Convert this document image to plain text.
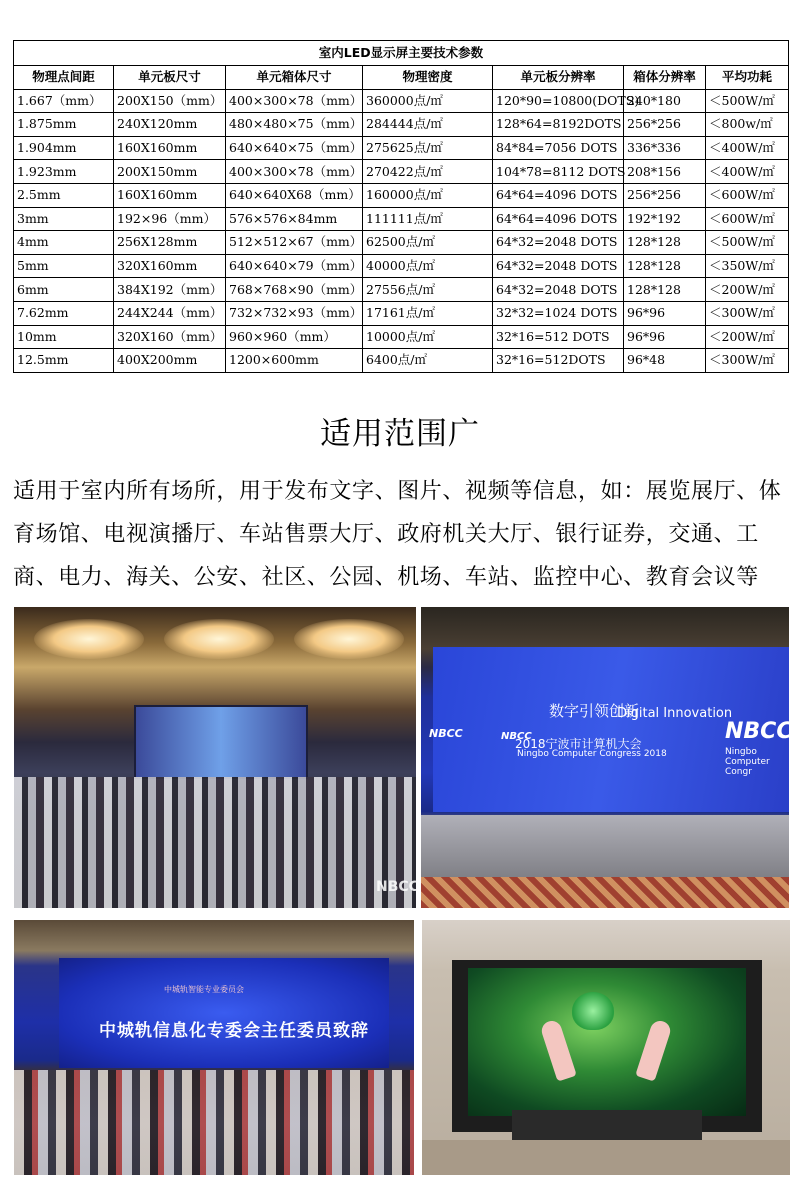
室内LED显示屏主要技术参数						
物理点间距	单元板尺寸	单元箱体尺寸	物理密度	单元板分辨率	箱体分辨率	平均功耗
1.667（mm）	200X150（mm）	400×300×78（mm）	360000点/㎡	120*90=10800(DOTS)	240*180	＜500W/㎡
1.875mm	240X120mm	480×480×75（mm）	284444点/㎡	128*64=8192DOTS	256*256	＜800w/㎡
1.904mm	160X160mm	640×640×75（mm）	275625点/㎡	84*84=7056 DOTS	336*336	＜400W/㎡
1.923mm	200X150mm	400×300×78（mm）	270422点/㎡	104*78=8112 DOTS	208*156	＜400W/㎡
2.5mm	160X160mm	640×640X68（mm）	160000点/㎡	64*64=4096 DOTS	256*256	＜600W/㎡
3mm	192×96（mm）	576×576×84mm	111111点/㎡	64*64=4096 DOTS	192*192	＜600W/㎡
4mm	256X128mm	512×512×67（mm）	62500点/㎡	64*32=2048 DOTS	128*128	＜500W/㎡
5mm	320X160mm	640×640×79（mm）	40000点/㎡	64*32=2048 DOTS	128*128	＜350W/㎡
6mm	384X192（mm）	768×768×90（mm）	27556点/㎡	64*32=2048 DOTS	128*128	＜200W/㎡
7.62mm	244X244（mm）	732×732×93（mm）	17161点/㎡	32*32=1024 DOTS	96*96	＜300W/㎡
10mm	320X160（mm）	960×960（mm）	10000点/㎡	32*16=512 DOTS	96*96	＜200W/㎡
12.5mm	400X200mm	1200×600mm	6400点/㎡	32*16=512DOTS	96*48	＜300W/㎡
适用范围广
适用于室内所有场所，用于发布文字、图片、视频等信息，如：展览展厅、体育场馆、电视演播厅、车站售票大厅、政府机关大厅、银行证券，交通、工商、电力、海关、公安、社区、公园、机场、车站、监控中心、教育会议等
NBCC
数字引领创新
Digital Innovation
2018宁波市计算机大会
Ningbo Computer Congress 2018
NBCC
Ningbo Computer Congr
NBCC	NBCC
中城轨智能专业委员会
中城轨信息化专委会主任委员致辞
